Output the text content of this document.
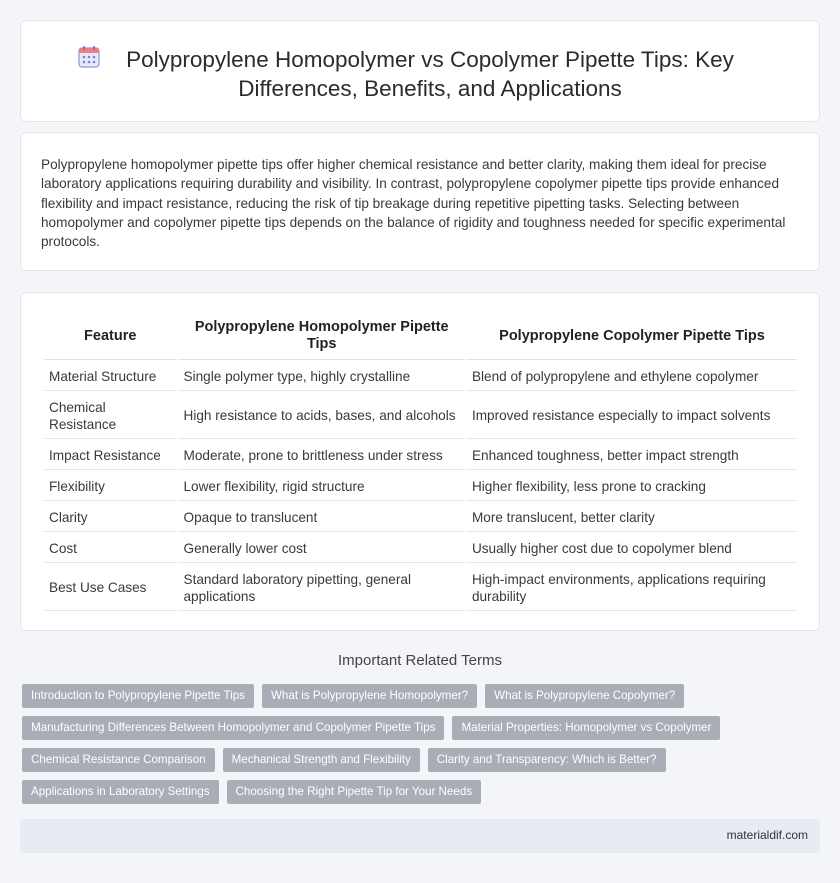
Polypropylene Homopolymer vs Copolymer Pipette Tips: Key Differences, Benefits, and Applications

Polypropylene homopolymer pipette tips offer higher chemical resistance and better clarity, making them ideal for precise laboratory applications requiring durability and visibility. In contrast, polypropylene copolymer pipette tips provide enhanced flexibility and impact resistance, reducing the risk of tip breakage during repetitive pipetting tasks. Selecting between homopolymer and copolymer pipette tips depends on the balance of rigidity and toughness needed for specific experimental protocols.

Feature	Polypropylene Homopolymer Pipette Tips	Polypropylene Copolymer Pipette Tips
Material Structure	Single polymer type, highly crystalline	Blend of polypropylene and ethylene copolymer
Chemical Resistance	High resistance to acids, bases, and alcohols	Improved resistance especially to impact solvents
Impact Resistance	Moderate, prone to brittleness under stress	Enhanced toughness, better impact strength
Flexibility	Lower flexibility, rigid structure	Higher flexibility, less prone to cracking
Clarity	Opaque to translucent	More translucent, better clarity
Cost	Generally lower cost	Usually higher cost due to copolymer blend
Best Use Cases	Standard laboratory pipetting, general applications	High-impact environments, applications requiring durability
Important Related Terms
Introduction to Polypropylene Pipette Tips	What is Polypropylene Homopolymer?	What is Polypropylene Copolymer?
Manufacturing Differences Between Homopolymer and Copolymer Pipette Tips	Material Properties: Homopolymer vs Copolymer
Chemical Resistance Comparison	Mechanical Strength and Flexibility	Clarity and Transparency: Which is Better?
Applications in Laboratory Settings	Choosing the Right Pipette Tip for Your Needs
materialdif.com
